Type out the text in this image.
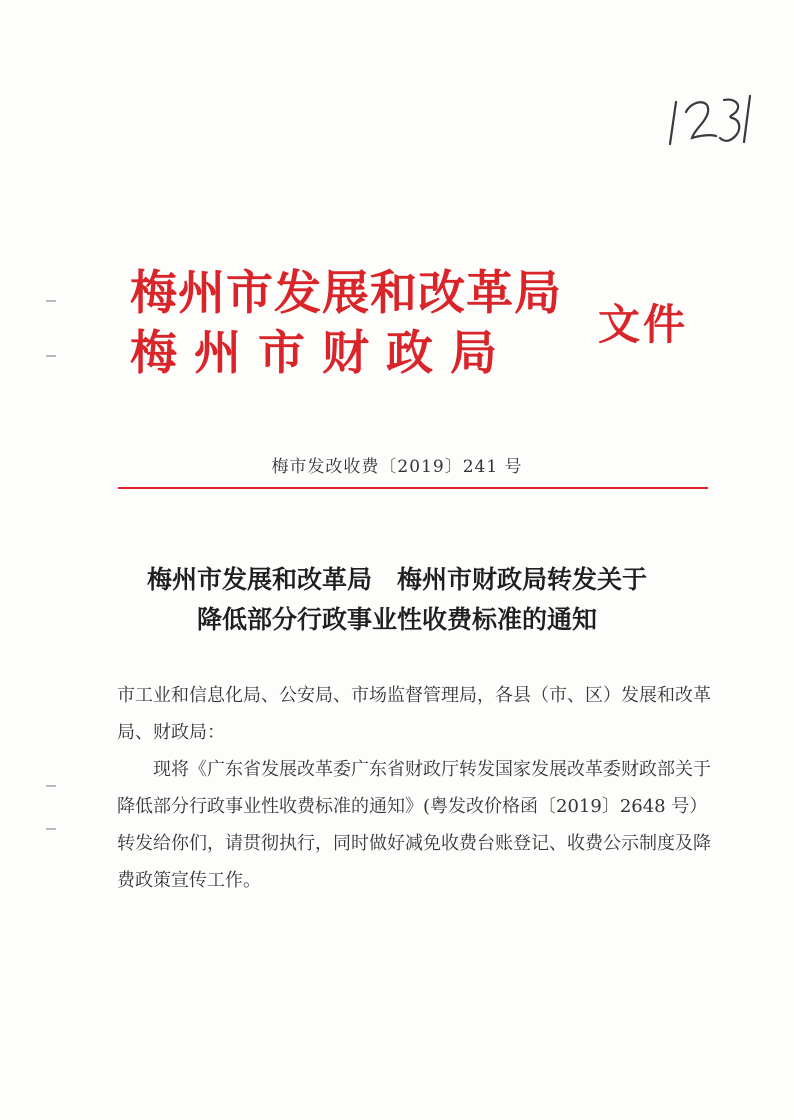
梅州市发展和改革局
梅州市财政局
文件
梅市发改收费〔2019〕241 号
梅州市发展和改革局　梅州市财政局转发关于
降低部分行政事业性收费标准的通知

市工业和信息化局、公安局、市场监督管理局，各县（市、区）发展和改革局、财政局：

现将《广东省发展改革委广东省财政厅转发国家发展改革委财政部关于降低部分行政事业性收费标准的通知》(粤发改价格函〔2019〕2648 号）转发给你们，请贯彻执行，同时做好减免收费台账登记、收费公示制度及降费政策宣传工作。
